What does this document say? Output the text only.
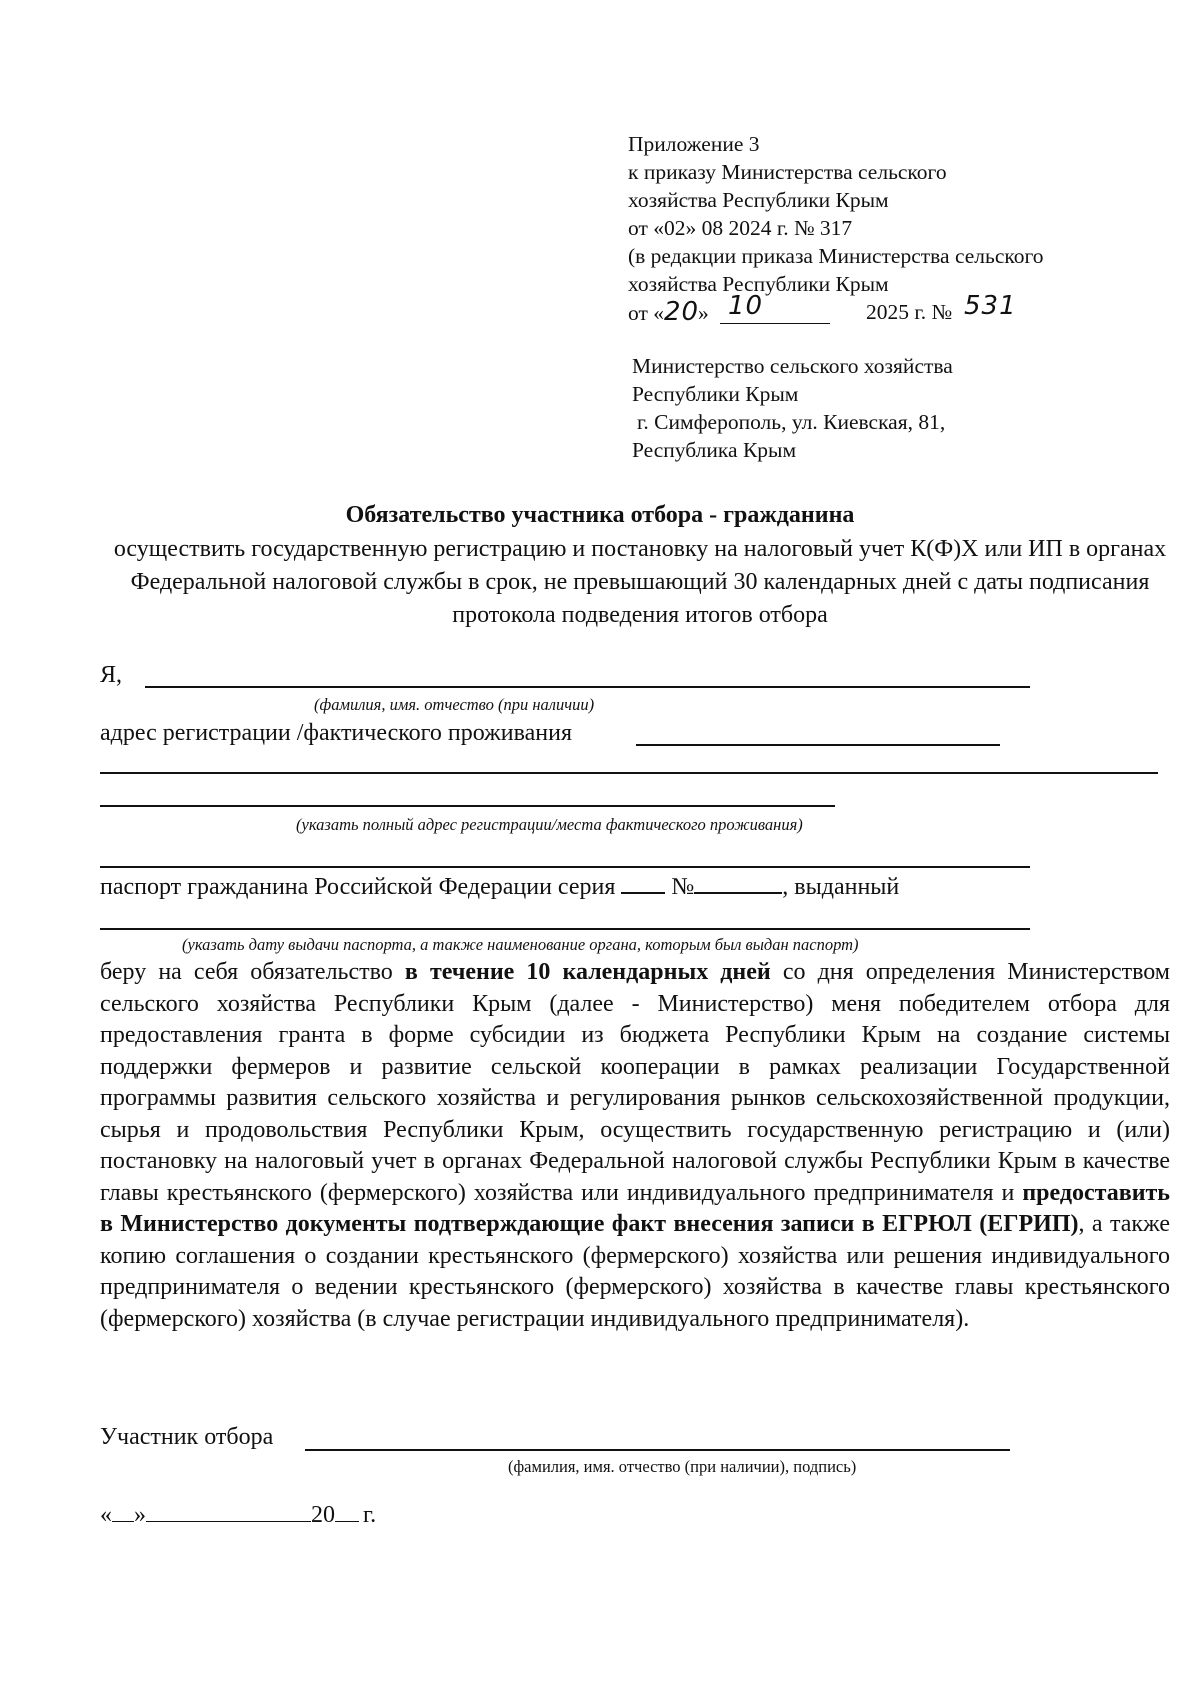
Приложение 3
к приказу Министерства сельского
хозяйства Республики Крым
от «02» 08 2024 г. № 317
(в редакции приказа Министерства сельского
хозяйства Республики Крым
от «20» 10	2025 г. № 531
Министерство сельского хозяйства
Республики Крым
г. Симферополь, ул. Киевская, 81,
Республика Крым
Обязательство участника отбора - гражданина
осуществить государственную регистрацию и постановку на налоговый учет К(Ф)Х или ИП в органах Федеральной налоговой службы в срок, не превышающий 30 календарных дней с даты подписания протокола подведения итогов отбора
Я,
(фамилия, имя. отчество (при наличии)
адрес регистрации /фактического проживания
(указать полный адрес регистрации/места фактического проживания)
паспорт гражданина Российской Федерации серия №	, выданный
(указать дату выдачи паспорта, а также наименование органа, которым был выдан паспорт)
беру на себя обязательство в течение 10 календарных дней со дня определения Министерством сельского хозяйства Республики Крым (далее - Министерство) меня победителем отбора для предоставления гранта в форме субсидии из бюджета Республики Крым на создание системы поддержки фермеров и развитие сельской кооперации в рамках реализации Государственной программы развития сельского хозяйства и регулирования рынков сельскохозяйственной продукции, сырья и продовольствия Республики Крым, осуществить государственную регистрацию и (или) постановку на налоговый учет в органах Федеральной налоговой службы Республики Крым в качестве главы крестьянского (фермерского) хозяйства или индивидуального предпринимателя и предоставить в Министерство документы подтверждающие факт внесения записи в ЕГРЮЛ (ЕГРИП), а также копию соглашения о создании крестьянского (фермерского) хозяйства или решения индивидуального предпринимателя о ведении крестьянского (фермерского) хозяйства в качестве главы крестьянского (фермерского) хозяйства (в случае регистрации индивидуального предпринимателя).
Участник отбора
(фамилия, имя. отчество (при наличии), подпись)
« »	20 г.
